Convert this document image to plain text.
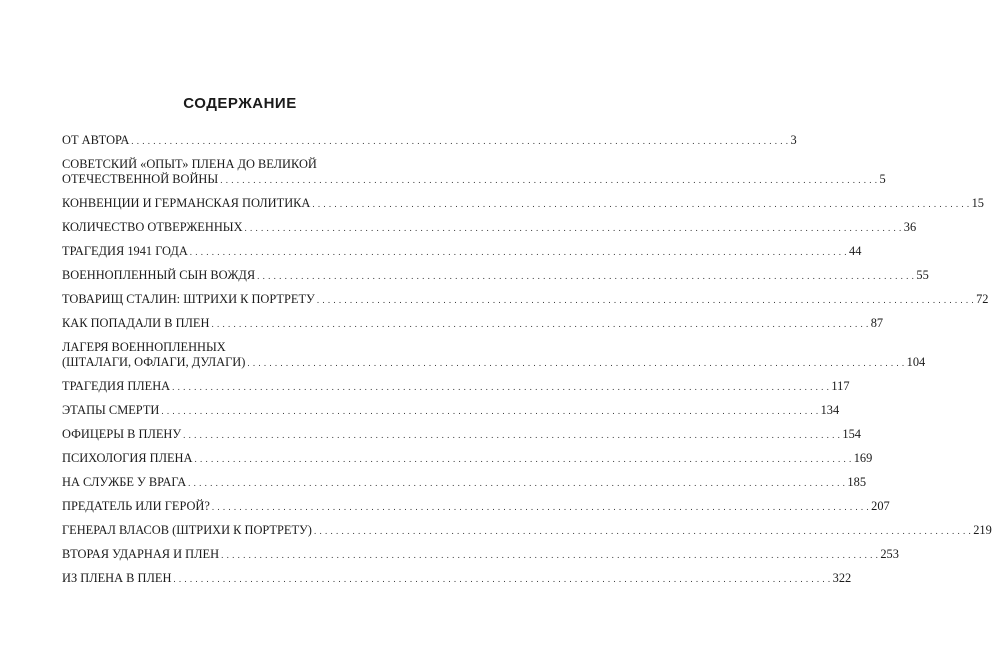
СОДЕРЖАНИЕ
ОТ АВТОРА . . . . . . . . . . . . . . . . . . . . . . . . . . . . . . . . . . . . . . . . . . . . . . . . . . . . . . . . . . . . . . . . . . . . . . . . . . . . . . . . . . . . . . . . . . . . . . . . . . . . . . . . . . . . . . . . . . . . . . . . 3
СОВЕТСКИЙ «ОПЫТ» ПЛЕНА ДО ВЕЛИКОЙ
ОТЕЧЕСТВЕННОЙ ВОЙНЫ . . . . . . . . . . . . . . . . . . . . . . . . . . . . . . . . . . . . . . . . . . . . . . . . . . . . . . . . . . . . . . . . . . . . . . . . . . . . . . . . . . . . . . . . . . . . . . . . . . . . . . . . . . . . . . . . . . . . . . . . 5
КОНВЕНЦИИ И ГЕРМАНСКАЯ ПОЛИТИКА . . . . . . . . . . . . . . . . . . . . . . . . . . . . . . . . . . . . . . . . . . . . . . . . . . . . . . . . . . . . . . . . . . . . . . . . . . . . . . . . . . . . . . . . . . . . . . . . . . . . . . . . . . . . . . . . . . . . . . . . 15
КОЛИЧЕСТВО ОТВЕРЖЕННЫХ . . . . . . . . . . . . . . . . . . . . . . . . . . . . . . . . . . . . . . . . . . . . . . . . . . . . . . . . . . . . . . . . . . . . . . . . . . . . . . . . . . . . . . . . . . . . . . . . . . . . . . . . . . . . . . . . . . . . . . . . 36
ТРАГЕДИЯ 1941 ГОДА . . . . . . . . . . . . . . . . . . . . . . . . . . . . . . . . . . . . . . . . . . . . . . . . . . . . . . . . . . . . . . . . . . . . . . . . . . . . . . . . . . . . . . . . . . . . . . . . . . . . . . . . . . . . . . . . . . . . . . . . 44
ВОЕННОПЛЕННЫЙ СЫН ВОЖДЯ . . . . . . . . . . . . . . . . . . . . . . . . . . . . . . . . . . . . . . . . . . . . . . . . . . . . . . . . . . . . . . . . . . . . . . . . . . . . . . . . . . . . . . . . . . . . . . . . . . . . . . . . . . . . . . . . . . . . . . . . 55
ТОВАРИЩ СТАЛИН: ШТРИХИ К ПОРТРЕТУ . . . . . . . . . . . . . . . . . . . . . . . . . . . . . . . . . . . . . . . . . . . . . . . . . . . . . . . . . . . . . . . . . . . . . . . . . . . . . . . . . . . . . . . . . . . . . . . . . . . . . . . . . . . . . . . . . . . . . . . . 72
КАК ПОПАДАЛИ В ПЛЕН . . . . . . . . . . . . . . . . . . . . . . . . . . . . . . . . . . . . . . . . . . . . . . . . . . . . . . . . . . . . . . . . . . . . . . . . . . . . . . . . . . . . . . . . . . . . . . . . . . . . . . . . . . . . . . . . . . . . . . . . 87
ЛАГЕРЯ ВОЕННОПЛЕННЫХ
(ШТАЛАГИ, ОФЛАГИ, ДУЛАГИ) . . . . . . . . . . . . . . . . . . . . . . . . . . . . . . . . . . . . . . . . . . . . . . . . . . . . . . . . . . . . . . . . . . . . . . . . . . . . . . . . . . . . . . . . . . . . . . . . . . . . . . . . . . . . . . . . . . . . . . . . 104
ТРАГЕДИЯ ПЛЕНА . . . . . . . . . . . . . . . . . . . . . . . . . . . . . . . . . . . . . . . . . . . . . . . . . . . . . . . . . . . . . . . . . . . . . . . . . . . . . . . . . . . . . . . . . . . . . . . . . . . . . . . . . . . . . . . . . . . . . . . . 117
ЭТАПЫ СМЕРТИ . . . . . . . . . . . . . . . . . . . . . . . . . . . . . . . . . . . . . . . . . . . . . . . . . . . . . . . . . . . . . . . . . . . . . . . . . . . . . . . . . . . . . . . . . . . . . . . . . . . . . . . . . . . . . . . . . . . . . . . . 134
ОФИЦЕРЫ В ПЛЕНУ . . . . . . . . . . . . . . . . . . . . . . . . . . . . . . . . . . . . . . . . . . . . . . . . . . . . . . . . . . . . . . . . . . . . . . . . . . . . . . . . . . . . . . . . . . . . . . . . . . . . . . . . . . . . . . . . . . . . . . . . 154
ПСИХОЛОГИЯ ПЛЕНА . . . . . . . . . . . . . . . . . . . . . . . . . . . . . . . . . . . . . . . . . . . . . . . . . . . . . . . . . . . . . . . . . . . . . . . . . . . . . . . . . . . . . . . . . . . . . . . . . . . . . . . . . . . . . . . . . . . . . . . . 169
НА СЛУЖБЕ У ВРАГА . . . . . . . . . . . . . . . . . . . . . . . . . . . . . . . . . . . . . . . . . . . . . . . . . . . . . . . . . . . . . . . . . . . . . . . . . . . . . . . . . . . . . . . . . . . . . . . . . . . . . . . . . . . . . . . . . . . . . . . . 185
ПРЕДАТЕЛЬ ИЛИ ГЕРОЙ? . . . . . . . . . . . . . . . . . . . . . . . . . . . . . . . . . . . . . . . . . . . . . . . . . . . . . . . . . . . . . . . . . . . . . . . . . . . . . . . . . . . . . . . . . . . . . . . . . . . . . . . . . . . . . . . . . . . . . . . . 207
ГЕНЕРАЛ ВЛАСОВ (ШТРИХИ К ПОРТРЕТУ) . . . . . . . . . . . . . . . . . . . . . . . . . . . . . . . . . . . . . . . . . . . . . . . . . . . . . . . . . . . . . . . . . . . . . . . . . . . . . . . . . . . . . . . . . . . . . . . . . . . . . . . . . . . . . . . . . . . . . . . . 219
ВТОРАЯ УДАРНАЯ И ПЛЕН . . . . . . . . . . . . . . . . . . . . . . . . . . . . . . . . . . . . . . . . . . . . . . . . . . . . . . . . . . . . . . . . . . . . . . . . . . . . . . . . . . . . . . . . . . . . . . . . . . . . . . . . . . . . . . . . . . . . . . . . 253
ИЗ ПЛЕНА В ПЛЕН . . . . . . . . . . . . . . . . . . . . . . . . . . . . . . . . . . . . . . . . . . . . . . . . . . . . . . . . . . . . . . . . . . . . . . . . . . . . . . . . . . . . . . . . . . . . . . . . . . . . . . . . . . . . . . . . . . . . . . . . 322
